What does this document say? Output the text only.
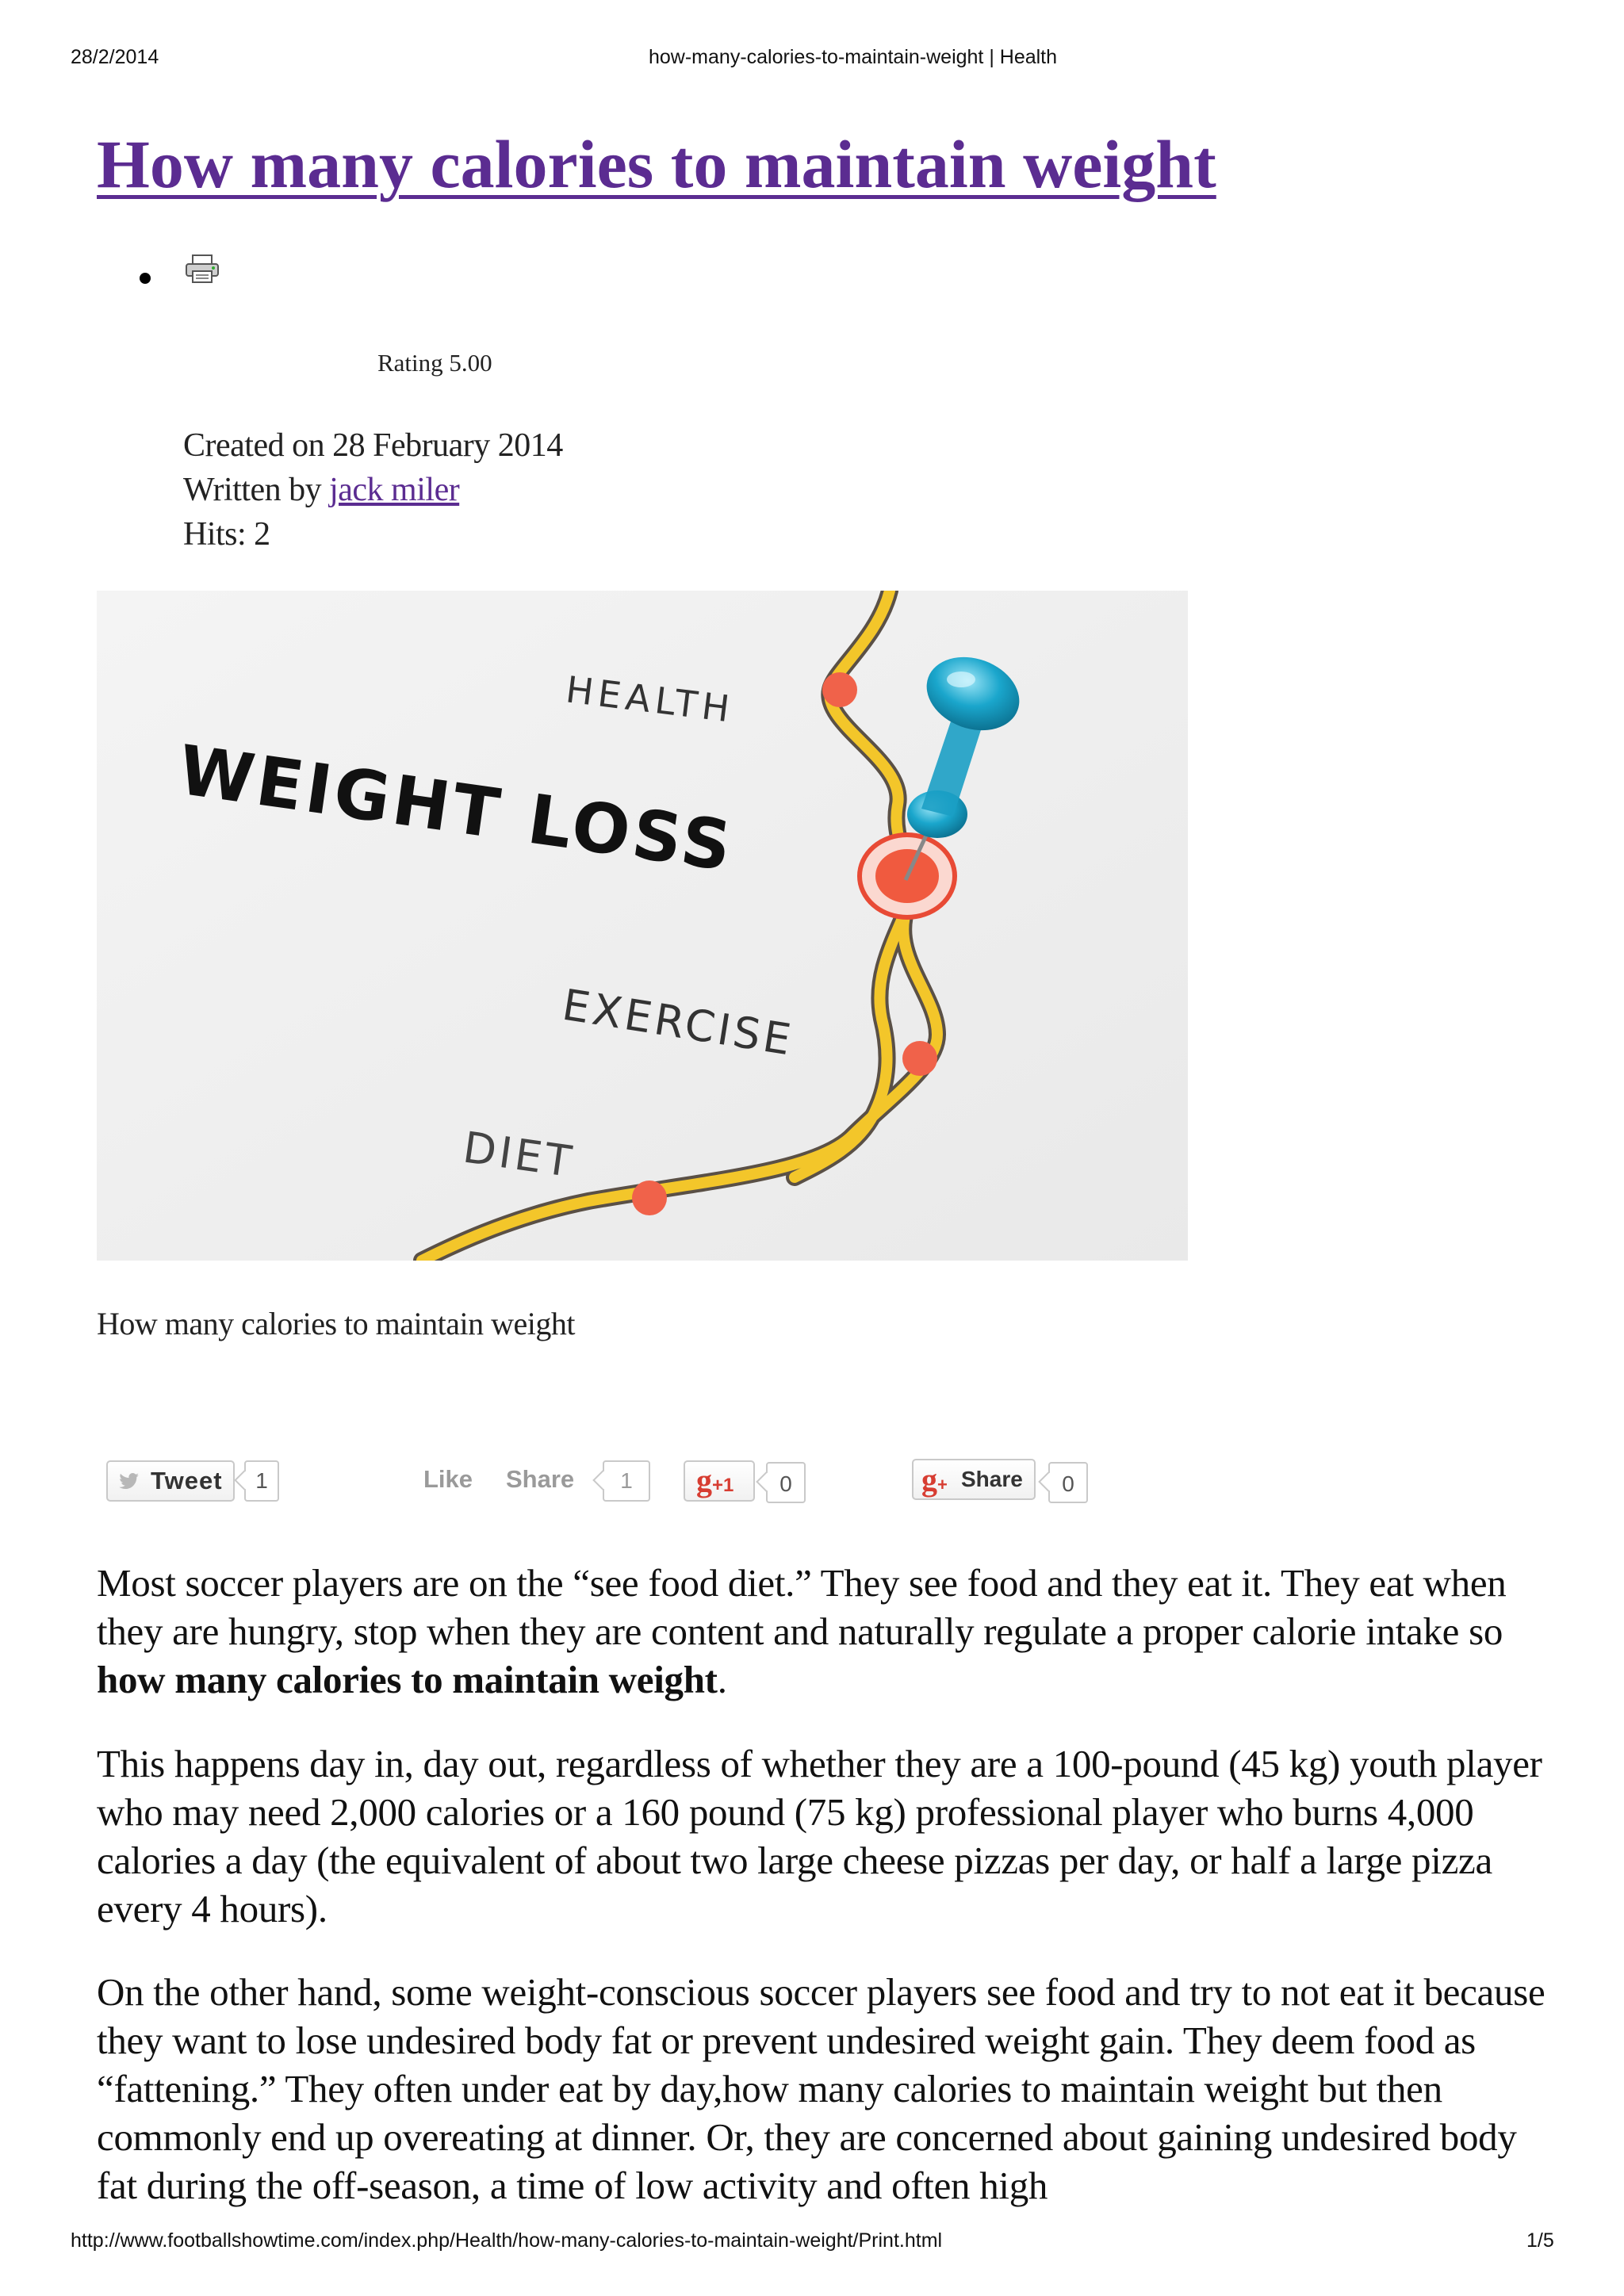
28/2/2014	how-many-calories-to-maintain-weight | Health
How many calories to maintain weight
Rating 5.00
Created on 28 February 2014
Written by jack miler
Hits: 2
HEALTH
WEIGHT LOSS
EXERCISE
DIET
How many calories to maintain weight
Tweet	1	Like Share	1	g+1	0	g+ Share	0

Most soccer players are on the “see food diet.” They see food and they eat it. They eat when they are hungry, stop when they are content and naturally regulate a proper calorie intake so how many calories to maintain weight.

This happens day in, day out, regardless of whether they are a 100-pound (45 kg) youth player who may need 2,000 calories or a 160 pound (75 kg) professional player who burns 4,000 calories a day (the equivalent of about two large cheese pizzas per day, or half a large pizza every 4 hours).

On the other hand, some weight-conscious soccer players see food and try to not eat it because they want to lose undesired body fat or prevent undesired weight gain. They deem food as “fattening.” They often under eat by day,how many calories to maintain weight but then commonly end up overeating at dinner. Or, they are concerned about gaining undesired body fat during the off-season, a time of low activity and often high

http://www.footballshowtime.com/index.php/Health/how-many-calories-to-maintain-weight/Print.html	1/5
